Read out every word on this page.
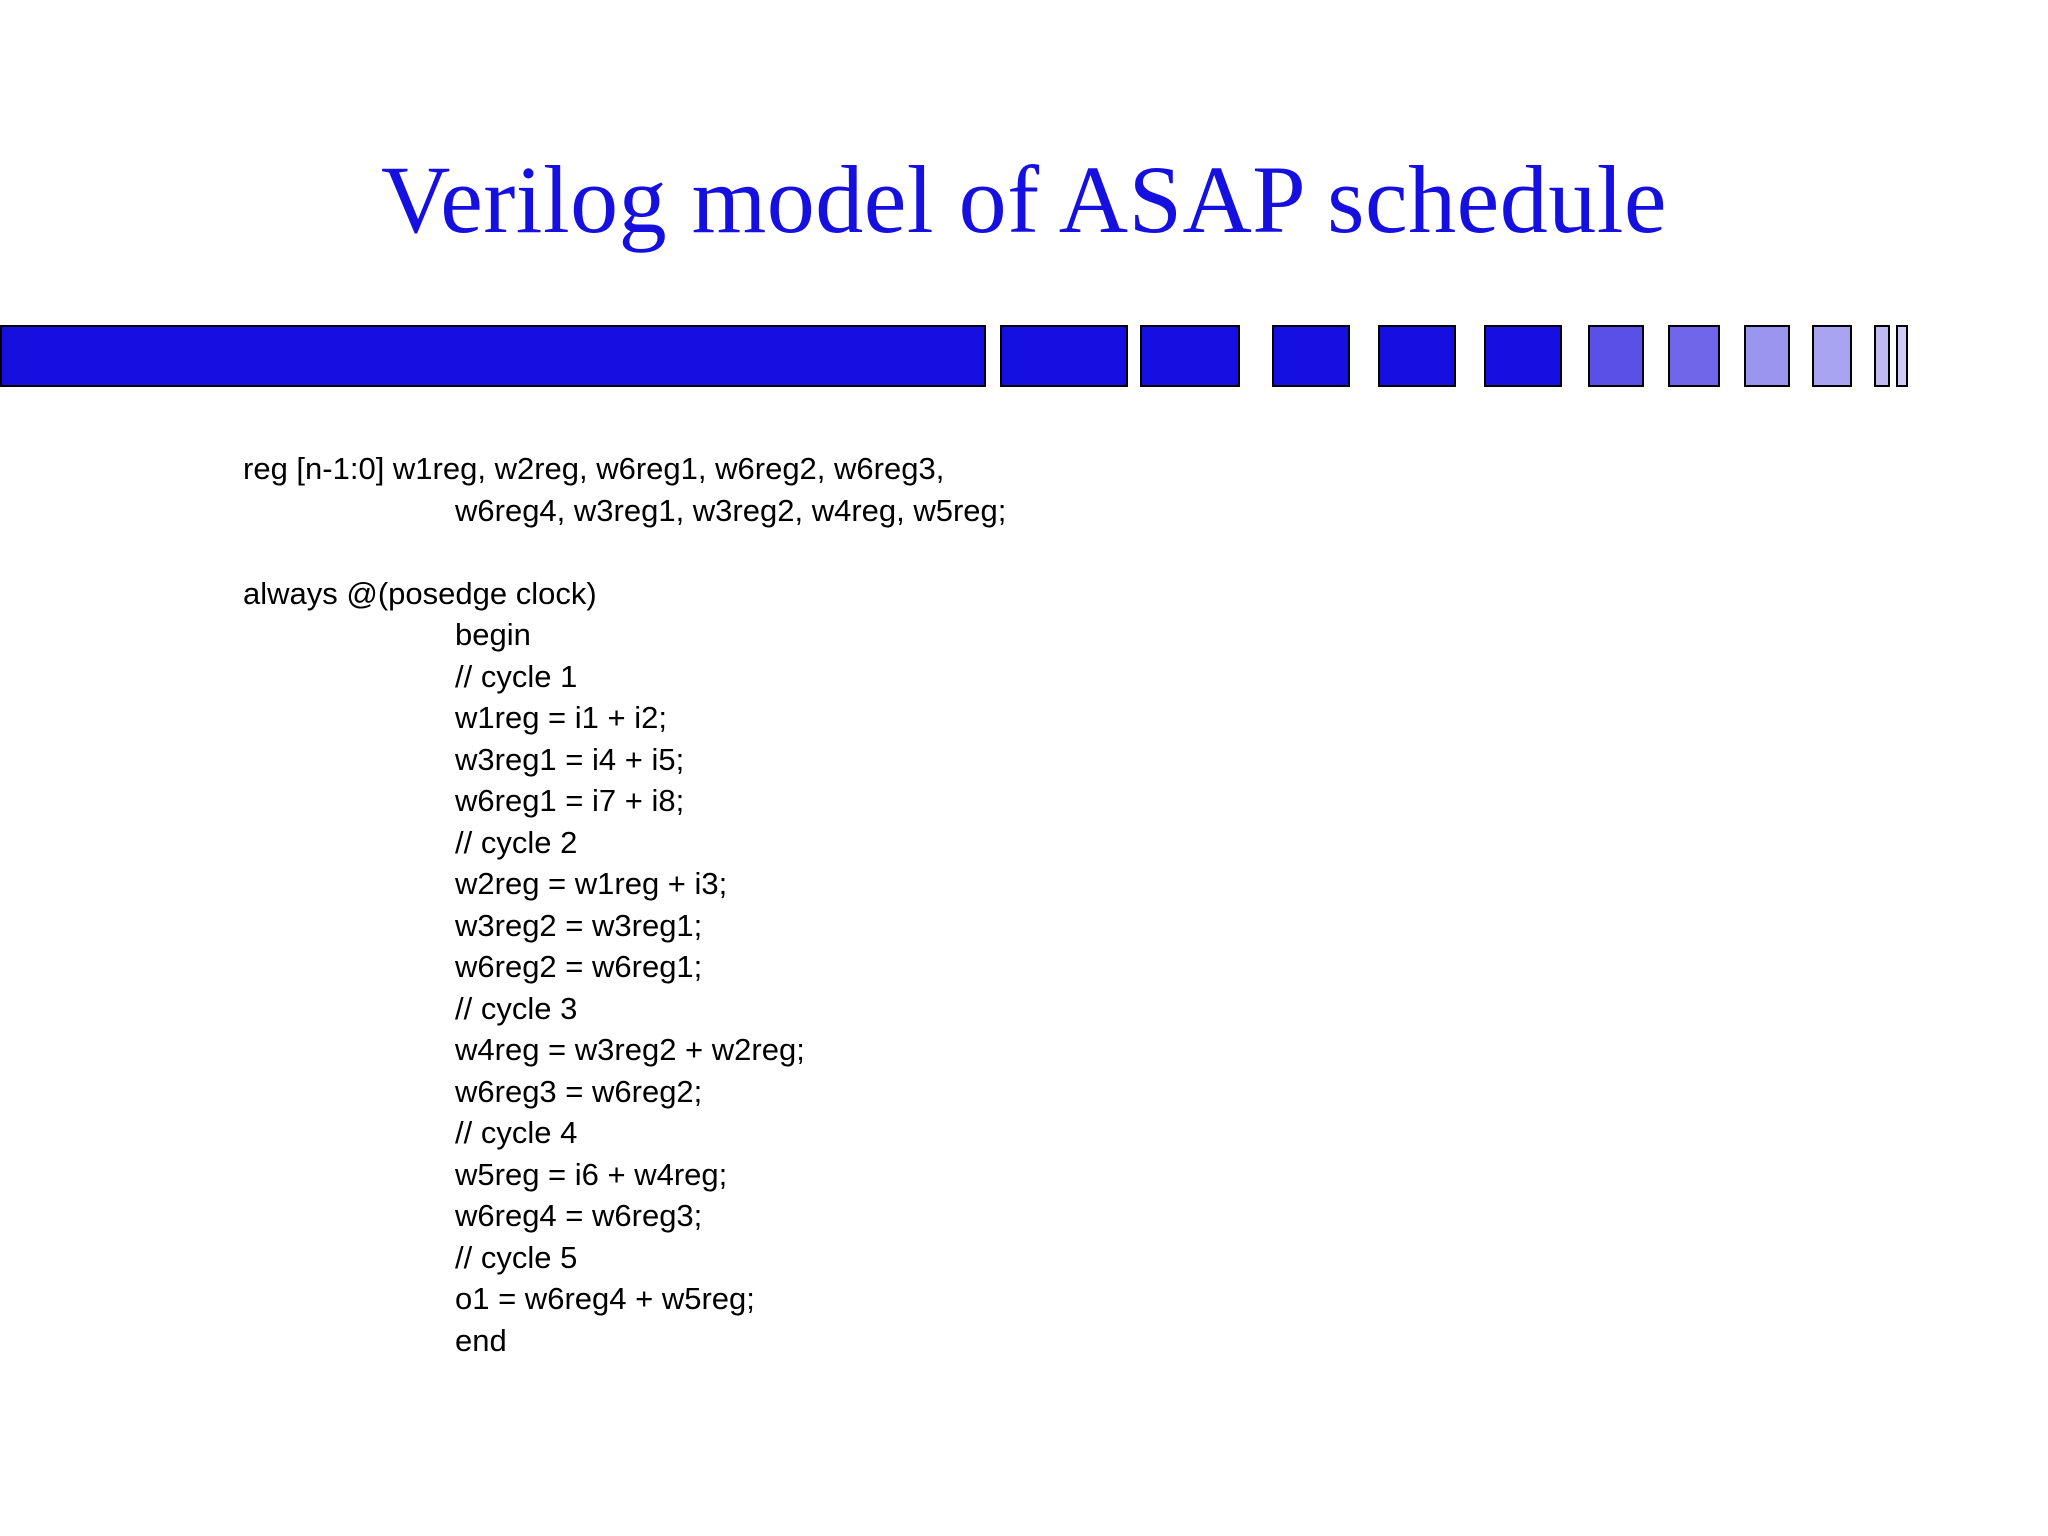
Verilog model of ASAP schedule
reg [n-1:0] w1reg, w2reg, w6reg1, w6reg2, w6reg3,
w6reg4, w3reg1, w3reg2, w4reg, w5reg;
always @(posedge clock)
begin
// cycle 1
w1reg = i1 + i2;
w3reg1 = i4 + i5;
w6reg1 = i7 + i8;
// cycle 2
w2reg = w1reg + i3;
w3reg2 = w3reg1;
w6reg2 = w6reg1;
// cycle 3
w4reg = w3reg2 + w2reg;
w6reg3 = w6reg2;
// cycle 4
w5reg = i6 + w4reg;
w6reg4 = w6reg3;
// cycle 5
o1 = w6reg4 + w5reg;
end
